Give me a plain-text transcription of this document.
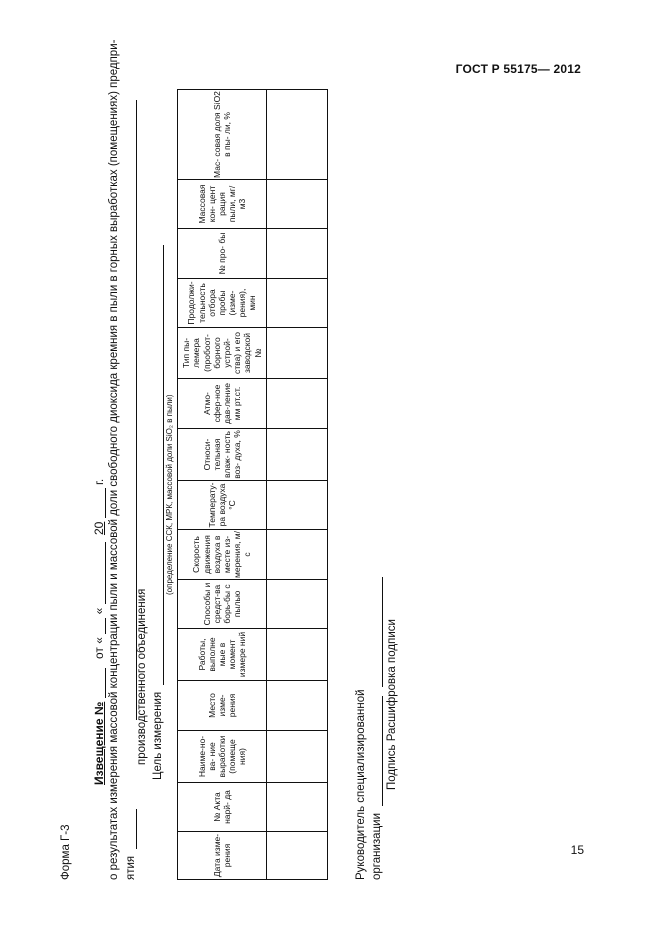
ГОСТ Р 55175— 2012
Форма Г-3
Извещение №  от «  «  20  г. о результатах измерения массовой концентрации пыли и массовой доли свободного диоксида кремния в пыли в горных выработках (помещениях) предпри- ятия
производственного объединения Цель измерения
(определение ССК, МРК, массовой доли SiO₂ в пыли)
Дата изме- рения	№ Акта нарй- да	Наиме-но- ва- ние выработки (помеще ния)	Место изме- рения	Работы, выполне мые в момент измере ний	Способы и средст-ва борь-бы с пылью	Скорость движения воздуха в месте из- мерения, м/с	Температу- ра воздуха °С	Относи- тельная влаж- ность воз- духа, %	Атмо- сфер-ное дав-ление мм рт.ст.	Тип пы- лемера (пробоот- борного устрой- ства) и его заводской №	Продолжи- тельность отбора пробы (изме- рения), мин	№ про- бы	Массовая кон- цент рация пыли, мг/м3	Мас- совая доля SiO2 в пы- ли, %

Руководитель специализированной организации
Подпись Расшифровка подписи
15
